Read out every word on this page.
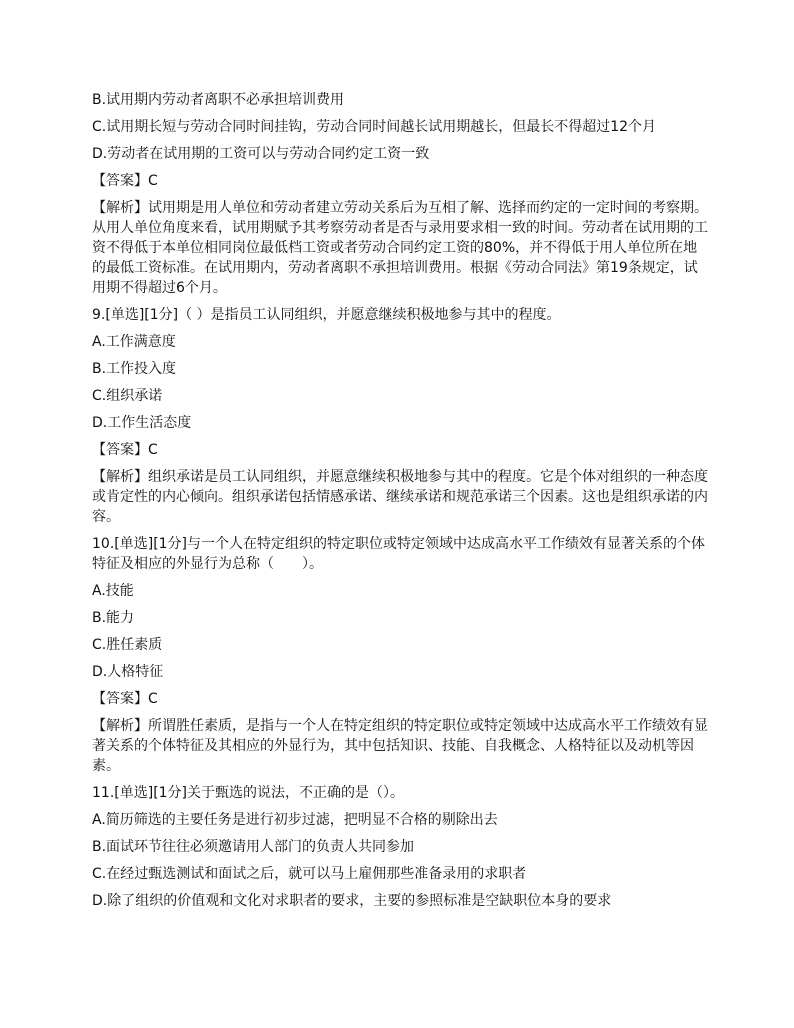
B.试用期内劳动者离职不必承担培训费用
C.试用期长短与劳动合同时间挂钩，劳动合同时间越长试用期越长，但最长不得超过12个月
D.劳动者在试用期的工资可以与劳动合同约定工资一致
【答案】C
【解析】试用期是用人单位和劳动者建立劳动关系后为互相了解、选择而约定的一定时间的考察期。从用人单位角度来看，试用期赋予其考察劳动者是否与录用要求相一致的时间。劳动者在试用期的工资不得低于本单位相同岗位最低档工资或者劳动合同约定工资的80%，并不得低于用人单位所在地的最低工资标准。在试用期内，劳动者离职不承担培训费用。根据《劳动合同法》第19条规定，试用期不得超过6个月。
9.[单选][1分]（ ）是指员工认同组织，并愿意继续积极地参与其中的程度。
A.工作满意度
B.工作投入度
C.组织承诺
D.工作生活态度
【答案】C
【解析】组织承诺是员工认同组织，并愿意继续积极地参与其中的程度。它是个体对组织的一种态度或肯定性的内心倾向。组织承诺包括情感承诺、继续承诺和规范承诺三个因素。这也是组织承诺的内容。
10.[单选][1分]与一个人在特定组织的特定职位或特定领域中达成高水平工作绩效有显著关系的个体特征及相应的外显行为总称（　　）。
A.技能
B.能力
C.胜任素质
D.人格特征
【答案】C
【解析】所谓胜任素质，是指与一个人在特定组织的特定职位或特定领域中达成高水平工作绩效有显著关系的个体特征及其相应的外显行为，其中包括知识、技能、自我概念、人格特征以及动机等因素。
11.[单选][1分]关于甄选的说法，不正确的是（）。
A.简历筛选的主要任务是进行初步过滤，把明显不合格的剔除出去
B.面试环节往往必须邀请用人部门的负责人共同参加
C.在经过甄选测试和面试之后，就可以马上雇佣那些准备录用的求职者
D.除了组织的价值观和文化对求职者的要求，主要的参照标准是空缺职位本身的要求
